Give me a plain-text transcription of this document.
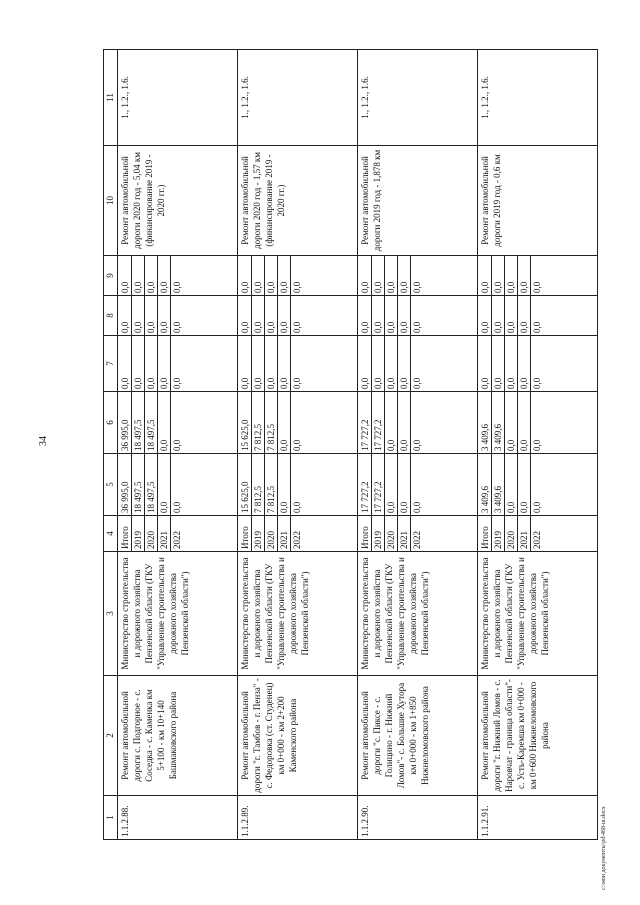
34
1	2	3	4	5	6	7	8	9	10	11
1.1.2.88.	Ремонт автомобильной дороги с. Подгорное - с. Соседка - с. Каменка км 5+100 - км 10+140 Башмаковского района	Министерство строительства и дорожного хозяйства Пензенской области (ГКУ "Управление строительства и дорожного хозяйства Пензенской области")	Итого 2019 2020 2021 2022	36 995,0 18 497,5 18 497,5 0,0 0,0	36 995,0 18 497,5 18 497,5 0,0 0,0	0,0 0,0 0,0 0,0 0,0	0,0 0,0 0,0 0,0 0,0	0,0 0,0 0,0 0,0 0,0	Ремонт автомобильной дороги 2020 год - 5,04 км (финансирование 2019 - 2020 гг.)	1., 1.2., 1.6.
1.1.2.89.	Ремонт автомобильной дороги "г. Тамбов - г. Пенза" - с. Федоровка (ст. Студенец) км 0+000 - км 2+200 Каменского района	Министерство строительства и дорожного хозяйства Пензенской области (ГКУ "Управление строительства и дорожного хозяйства Пензенской области")	Итого 2019 2020 2021 2022	15 625,0 7 812,5 7 812,5 0,0 0,0	15 625,0 7 812,5 7 812,5 0,0 0,0	0,0 0,0 0,0 0,0 0,0	0,0 0,0 0,0 0,0 0,0	0,0 0,0 0,0 0,0 0,0	Ремонт автомобильной дороги 2020 год - 1,57 км (финансирование 2019 - 2020 гг.)	1., 1.2., 1.6.
1.1.2.90.	Ремонт автомобильной дороги "с. Пиксе - с. Голицино - г. Нижний Ломов"- с. Большие Хутора км 0+000 - км 1+850 Нижнеломовского района	Министерство строительства и дорожного хозяйства Пензенской области (ГКУ "Управление строительства и дорожного хозяйства Пензенской области")	Итого 2019 2020 2021 2022	17 727,2 17 727,2 0,0 0,0 0,0	17 727,2 17 727,2 0,0 0,0 0,0	0,0 0,0 0,0 0,0 0,0	0,0 0,0 0,0 0,0 0,0	0,0 0,0 0,0 0,0 0,0	Ремонт автомобильной дороги 2019 год - 1,878 км	1., 1.2., 1.6.
1.1.2.91.	Ремонт автомобильной дороги "г. Нижний Ломов - с. Наровчат - граница области"- с. Усть-Каремша км 0+000 - км 0+600 Нижнеломовского района	Министерство строительства и дорожного хозяйства Пензенской области (ГКУ "Управление строительства и дорожного хозяйства Пензенской области")	Итого 2019 2020 2021 2022	3 409,6 3 409,6 0,0 0,0 0,0	3 409,6 3 409,6 0,0 0,0 0,0	0,0 0,0 0,0 0,0 0,0	0,0 0,0 0,0 0,0 0,0	0,0 0,0 0,0 0,0 0,0	Ремонт автомобильной дороги 2019 год - 0,6 км	1., 1.2., 1.6.
c:\мои документы\pd\468-ш.docx
